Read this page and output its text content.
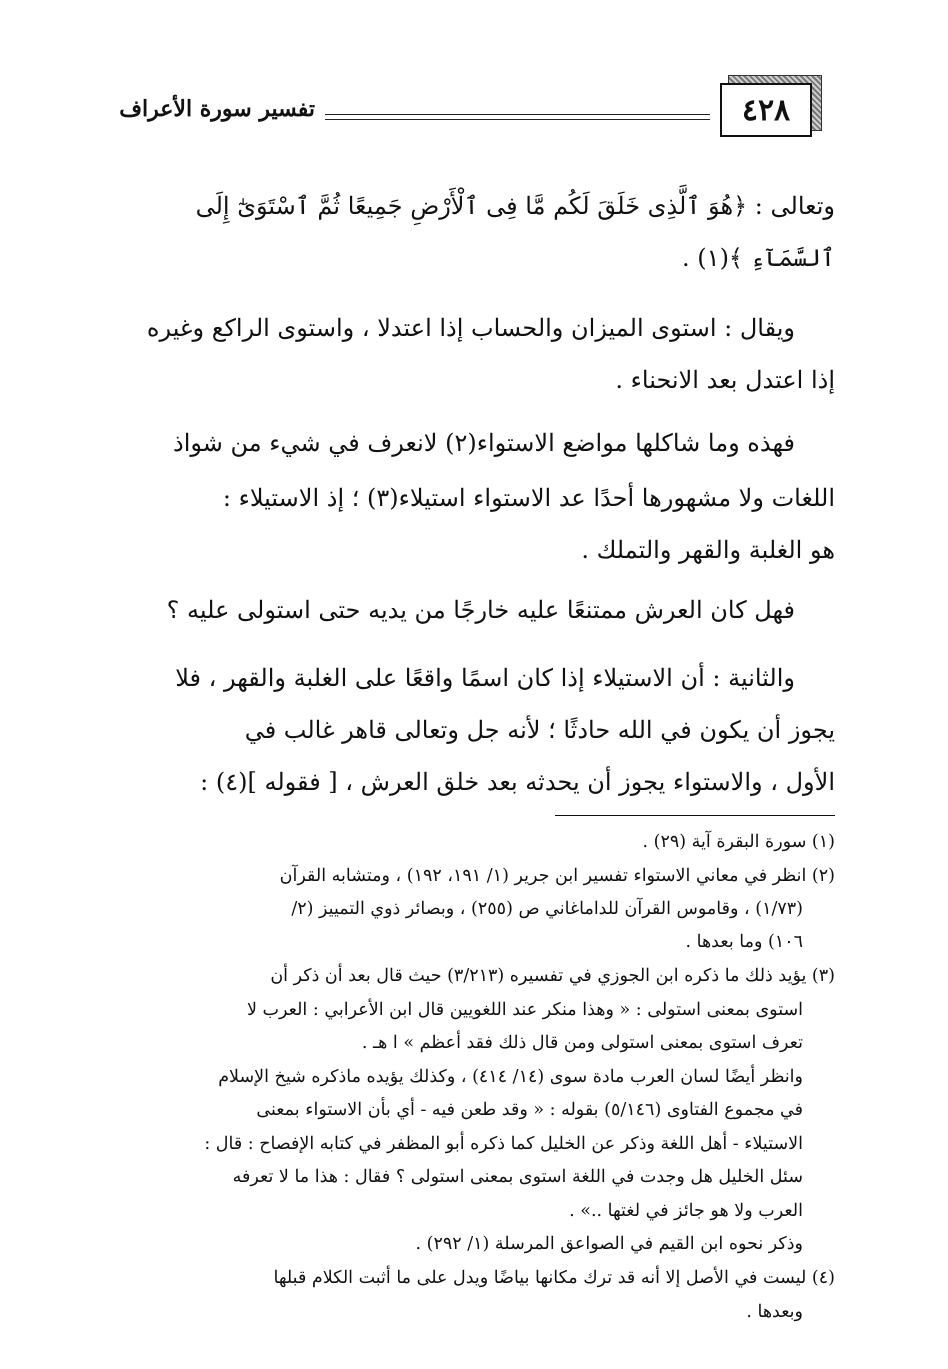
٤٢٨
تفسير سورة الأعراف
وتعالى : ﴿هُوَ ٱلَّذِى خَلَقَ لَكُم مَّا فِى ٱلْأَرْضِ جَمِيعًا ثُمَّ ٱسْتَوَىٰٓ إِلَى
ٱلسَّمَآءِ ﴾(١) .
ويقال : استوى الميزان والحساب إذا اعتدلا ، واستوى الراكع وغيره
إذا اعتدل بعد الانحناء .
فهذه وما شاكلها مواضع الاستواء(٢) لانعرف في شيء من شواذ
اللغات ولا مشهورها أحدًا عد الاستواء استيلاء(٣) ؛ إذ الاستيلاء :
هو الغلبة والقهر والتملك .
فهل كان العرش ممتنعًا عليه خارجًا من يديه حتى استولى عليه ؟
والثانية : أن الاستيلاء إذا كان اسمًا واقعًا على الغلبة والقهر ، فلا
يجوز أن يكون في الله حادثًا ؛ لأنه جل وتعالى قاهر غالب في
الأول ، والاستواء يجوز أن يحدثه بعد خلق العرش ، [ فقوله ](٤) :
(١) سورة البقرة آية (٢٩) .
(٢) انظر في معاني الاستواء تفسير ابن جرير (١/ ١٩١، ١٩٢) ، ومتشابه القرآن
(١/٧٣) ، وقاموس القرآن للداماغاني ص (٢٥٥) ، وبصائر ذوي التمييز (٢/
١٠٦) وما بعدها .
(٣) يؤيد ذلك ما ذكره ابن الجوزي في تفسيره (٣/٢١٣) حيث قال بعد أن ذكر أن
استوى بمعنى استولى : « وهذا منكر عند اللغويين قال ابن الأعرابي : العرب لا
تعرف استوى بمعنى استولى ومن قال ذلك فقد أعظم » ا هـ .
وانظر أيضًا لسان العرب مادة سوى (١٤/ ٤١٤) ، وكذلك يؤيده ماذكره شيخ الإسلام
في مجموع الفتاوى (٥/١٤٦) بقوله : « وقد طعن فيه - أي بأن الاستواء بمعنى
الاستيلاء - أهل اللغة وذكر عن الخليل كما ذكره أبو المظفر في كتابه الإفصاح : قال :
سئل الخليل هل وجدت في اللغة استوى بمعنى استولى ؟ فقال : هذا ما لا تعرفه
العرب ولا هو جائز في لغتها ..» .
وذكر نحوه ابن القيم في الصواعق المرسلة (١/ ٢٩٢) .
(٤) ليست في الأصل إلا أنه قد ترك مكانها بياضًا ويدل على ما أثبت الكلام قبلها
وبعدها .
